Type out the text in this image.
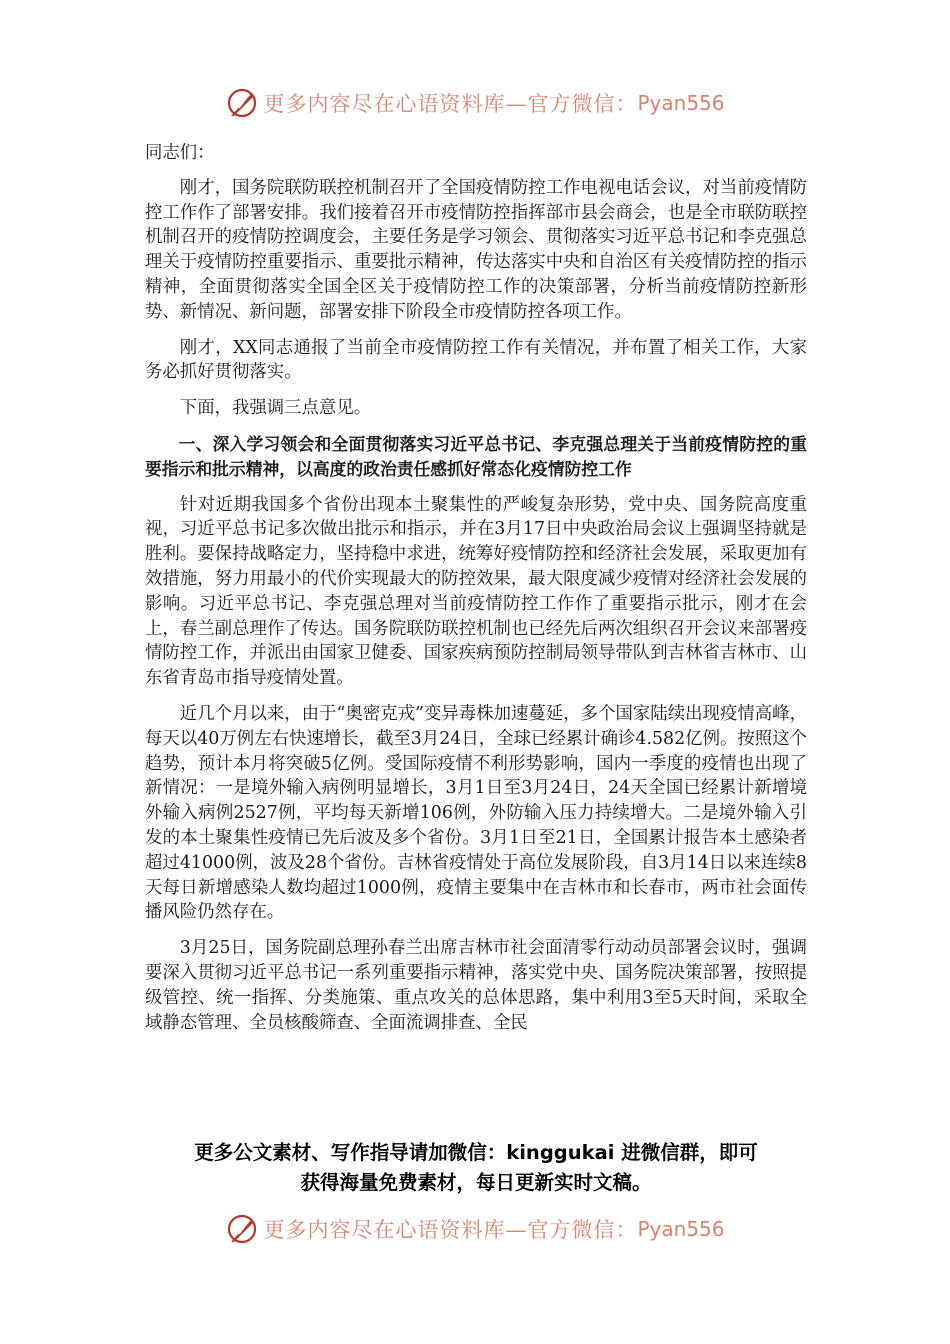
更多内容尽在心语资料库—官方微信： Pyan556

同志们：

刚才，国务院联防联控机制召开了全国疫情防控工作电视电话会议，对当前疫情防控工作作了部署安排。我们接着召开市疫情防控指挥部市县会商会，也是全市联防联控机制召开的疫情防控调度会，主要任务是学习领会、贯彻落实习近平总书记和李克强总理关于疫情防控重要指示、重要批示精神，传达落实中央和自治区有关疫情防控的指示精神，全面贯彻落实全国全区关于疫情防控工作的决策部署，分析当前疫情防控新形势、新情况、新问题，部署安排下阶段全市疫情防控各项工作。

刚才，XX同志通报了当前全市疫情防控工作有关情况，并布置了相关工作，大家务必抓好贯彻落实。

下面，我强调三点意见。

一、深入学习领会和全面贯彻落实习近平总书记、李克强总理关于当前疫情防控的重要指示和批示精神，以高度的政治责任感抓好常态化疫情防控工作

针对近期我国多个省份出现本土聚集性的严峻复杂形势，党中央、国务院高度重视，习近平总书记多次做出批示和指示，并在3月17日中央政治局会议上强调坚持就是胜利。要保持战略定力，坚持稳中求进，统筹好疫情防控和经济社会发展，采取更加有效措施，努力用最小的代价实现最大的防控效果，最大限度减少疫情对经济社会发展的影响。习近平总书记、李克强总理对当前疫情防控工作作了重要指示批示，刚才在会上，春兰副总理作了传达。国务院联防联控机制也已经先后两次组织召开会议来部署疫情防控工作，并派出由国家卫健委、国家疾病预防控制局领导带队到吉林省吉林市、山东省青岛市指导疫情处置。

近几个月以来，由于“奥密克戎”变异毒株加速蔓延，多个国家陆续出现疫情高峰，每天以40万例左右快速增长，截至3月24日，全球已经累计确诊4.582亿例。按照这个趋势，预计本月将突破5亿例。受国际疫情不利形势影响，国内一季度的疫情也出现了新情况：一是境外输入病例明显增长，3月1日至3月24日，24天全国已经累计新增境外输入病例2527例，平均每天新增106例，外防输入压力持续增大。二是境外输入引发的本土聚集性疫情已先后波及多个省份。3月1日至21日，全国累计报告本土感染者超过41000例，波及28个省份。吉林省疫情处于高位发展阶段，自3月14日以来连续8天每日新增感染人数均超过1000例，疫情主要集中在吉林市和长春市，两市社会面传播风险仍然存在。

3月25日，国务院副总理孙春兰出席吉林市社会面清零行动动员部署会议时，强调要深入贯彻习近平总书记一系列重要指示精神，落实党中央、国务院决策部署，按照提级管控、统一指挥、分类施策、重点攻关的总体思路，集中利用3至5天时间，采取全域静态管理、全员核酸筛查、全面流调排查、全民

更多公文素材、写作指导请加微信：kinggukai 进微信群，即可
获得海量免费素材，每日更新实时文稿。
更多内容尽在心语资料库—官方微信： Pyan556
